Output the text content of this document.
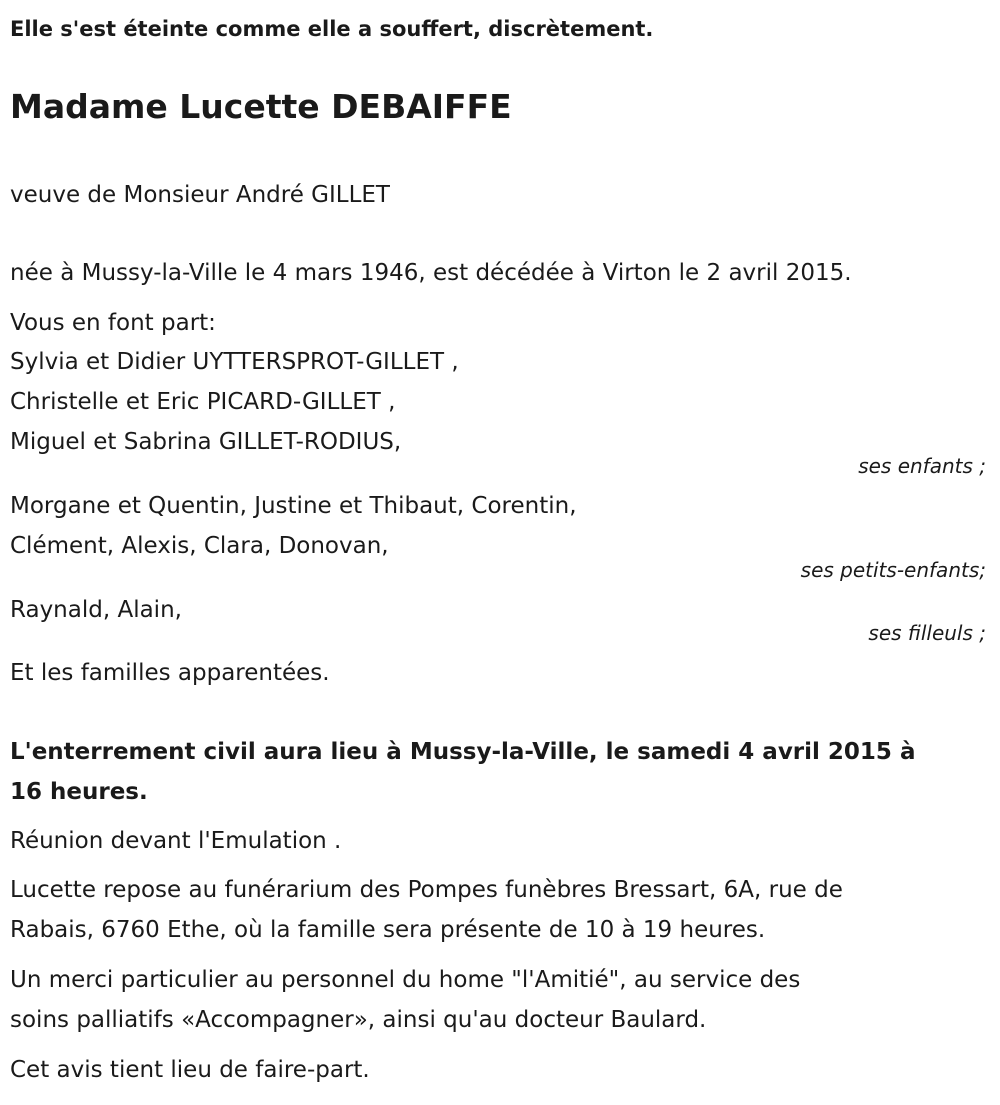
Elle s'est éteinte comme elle a souffert, discrètement.
Madame Lucette DEBAIFFE
veuve de Monsieur André GILLET
née à Mussy-la-Ville le 4 mars 1946, est décédée à Virton le 2 avril 2015.
Vous en font part:
Sylvia et Didier UYTTERSPROT-GILLET ,
Christelle et Eric PICARD-GILLET ,
Miguel et Sabrina GILLET-RODIUS,
ses enfants ;
Morgane et Quentin, Justine et Thibaut, Corentin,
Clément, Alexis, Clara, Donovan,
ses petits-enfants;
Raynald, Alain,
ses filleuls ;
Et les familles apparentées.
L'enterrement civil aura lieu à Mussy-la-Ville, le samedi 4 avril 2015 à
16 heures.
Réunion devant l'Emulation .
Lucette repose au funérarium des Pompes funèbres Bressart, 6A, rue de
Rabais, 6760 Ethe, où la famille sera présente de 10 à 19 heures.
Un merci particulier au personnel du home "l'Amitié", au service des
soins palliatifs «Accompagner», ainsi qu'au docteur Baulard.
Cet avis tient lieu de faire-part.
